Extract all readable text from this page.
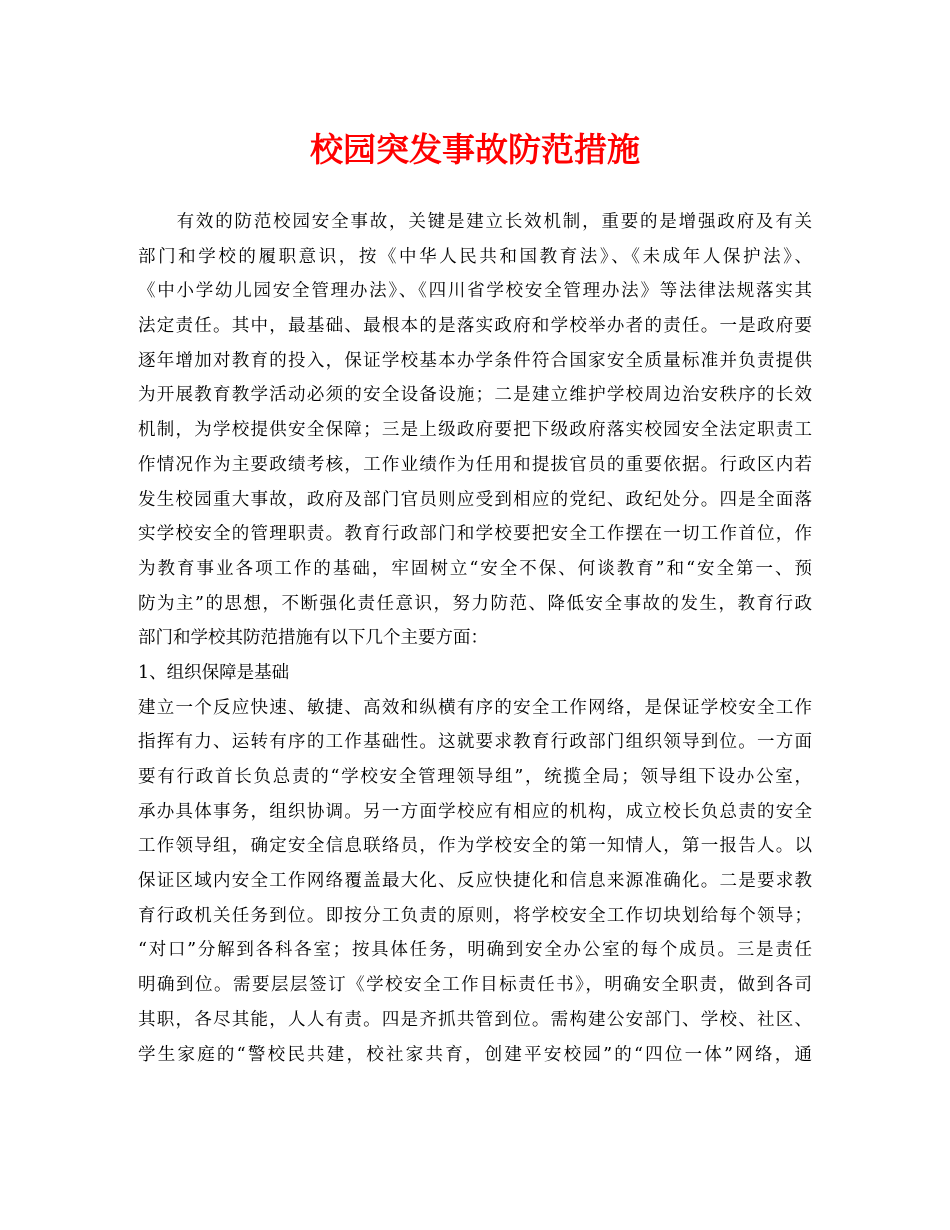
校园突发事故防范措施
　　有效的防范校园安全事故，关键是建立长效机制，重要的是增强政府及有关
部门和学校的履职意识，按《中华人民共和国教育法》、《未成年人保护法》、
《中小学幼儿园安全管理办法》、《四川省学校安全管理办法》等法律法规落实其
法定责任。其中，最基础、最根本的是落实政府和学校举办者的责任。一是政府要
逐年增加对教育的投入，保证学校基本办学条件符合国家安全质量标准并负责提供
为开展教育教学活动必须的安全设备设施；二是建立维护学校周边治安秩序的长效
机制，为学校提供安全保障；三是上级政府要把下级政府落实校园安全法定职责工
作情况作为主要政绩考核，工作业绩作为任用和提拔官员的重要依据。行政区内若
发生校园重大事故，政府及部门官员则应受到相应的党纪、政纪处分。四是全面落
实学校安全的管理职责。教育行政部门和学校要把安全工作摆在一切工作首位，作
为教育事业各项工作的基础，牢固树立“安全不保、何谈教育”和“安全第一、预
防为主”的思想，不断强化责任意识，努力防范、降低安全事故的发生，教育行政
部门和学校其防范措施有以下几个主要方面：
1、组织保障是基础
建立一个反应快速、敏捷、高效和纵横有序的安全工作网络，是保证学校安全工作
指挥有力、运转有序的工作基础性。这就要求教育行政部门组织领导到位。一方面
要有行政首长负总责的“学校安全管理领导组”，统揽全局；领导组下设办公室，
承办具体事务，组织协调。另一方面学校应有相应的机构，成立校长负总责的安全
工作领导组，确定安全信息联络员，作为学校安全的第一知情人，第一报告人。以
保证区域内安全工作网络覆盖最大化、反应快捷化和信息来源准确化。二是要求教
育行政机关任务到位。即按分工负责的原则，将学校安全工作切块划给每个领导；
“对口”分解到各科各室；按具体任务，明确到安全办公室的每个成员。三是责任
明确到位。需要层层签订《学校安全工作目标责任书》，明确安全职责，做到各司
其职，各尽其能，人人有责。四是齐抓共管到位。需构建公安部门、学校、社区、
学生家庭的“警校民共建，校社家共育，创建平安校园”的“四位一体”网络，通
